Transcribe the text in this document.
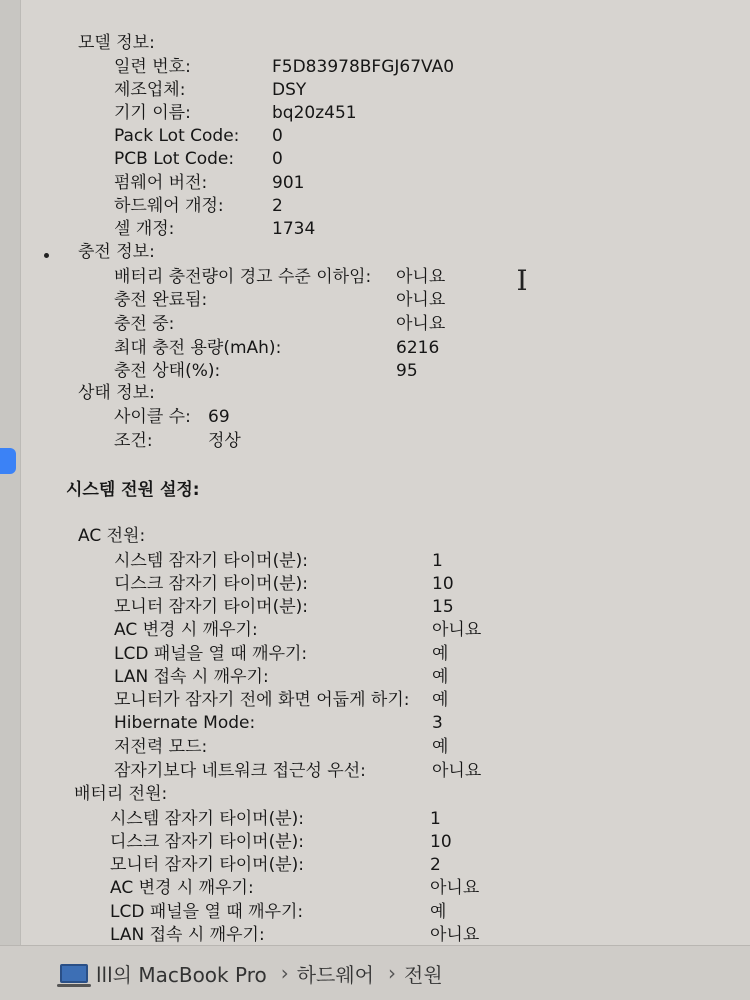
모델 정보:
일련 번호:	F5D83978BFGJ67VA0
제조업체:	DSY
기기 이름:	bq20z451
Pack Lot Code: 0
PCB Lot Code: 0
펌웨어 버전:	901
하드웨어 개정:	2
셀 개정:	1734
충전 정보:
배터리 충전량이 경고 수준 이하임: 아니요
충전 완료됨:	아니요
충전 중:	아니요
최대 충전 용량(mAh):	6216
충전 상태(%):	95
I
상태 정보:
사이클 수: 69
조건:	정상
시스템 전원 설정:
AC 전원:
시스템 잠자기 타이머(분):	1
디스크 잠자기 타이머(분):	10
모니터 잠자기 타이머(분):	15
AC 변경 시 깨우기:	아니요
LCD 패널을 열 때 깨우기:	예
LAN 접속 시 깨우기:	예
모니터가 잠자기 전에 화면 어둡게 하기: 예
Hibernate Mode:	3
저전력 모드:	예
잠자기보다 네트워크 접근성 우선:	아니요
배터리 전원:
시스템 잠자기 타이머(분):	1
디스크 잠자기 타이머(분):	10
모니터 잠자기 타이머(분):	2
AC 변경 시 깨우기:	아니요
LCD 패널을 열 때 깨우기:	예
LAN 접속 시 깨우기:	아니요
lll의 MacBook Pro › 하드웨어 › 전원
